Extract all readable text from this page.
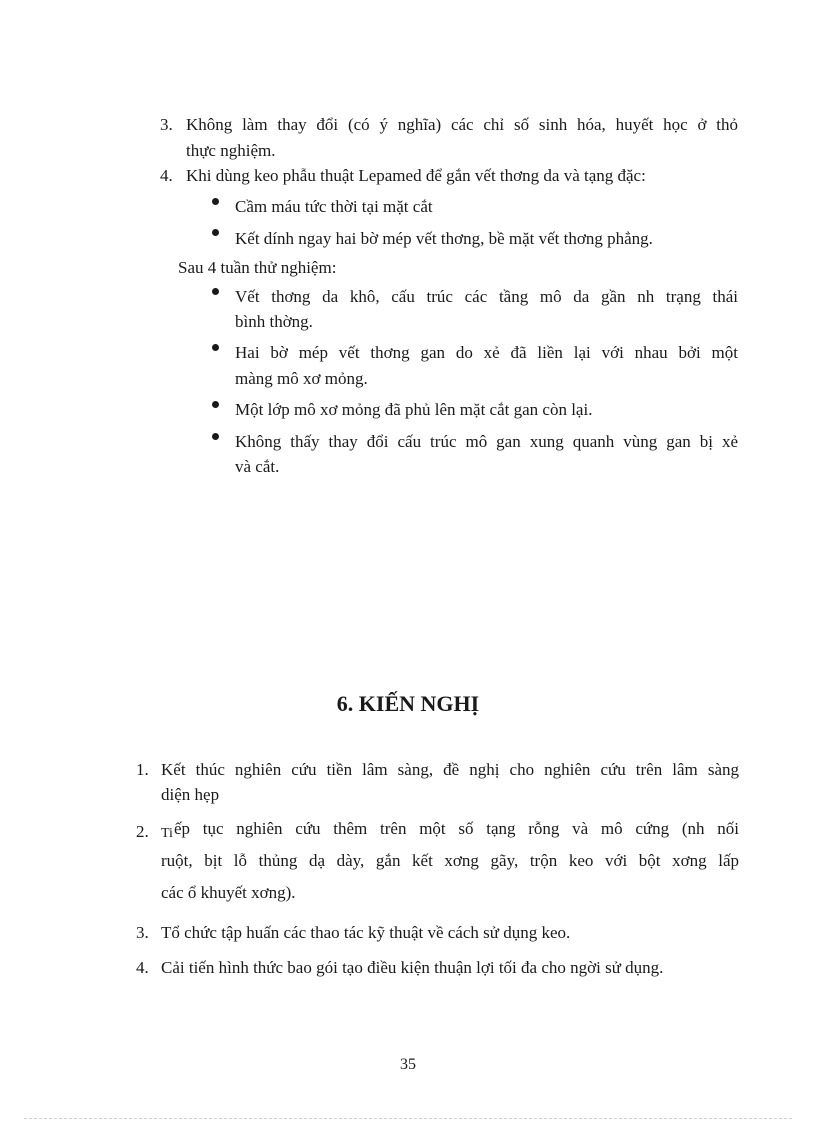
3. Không làm thay đổi (có ý nghĩa) các chỉ số sinh hóa, huyết học ở thỏ
thực nghiệm.
4. Khi dùng keo phẫu thuật Lepamed để gắn vết thơng da và tạng đặc:
Cầm máu tức thời tại mặt cắt
Kết dính ngay hai bờ mép vết thơng, bề mặt vết thơng phẳng.
Sau 4 tuần thử nghiệm:
Vết thơng da khô, cấu trúc các tầng mô da gần nh trạng thái
bình thờng.
Hai bờ mép vết thơng gan do xẻ đã liền lại với nhau bởi một
màng mô xơ mỏng.
Một lớp mô xơ mỏng đã phủ lên mặt cắt gan còn lại.
Không thấy thay đổi cấu trúc mô gan xung quanh vùng gan bị xẻ
và cắt.
6. KIẾN NGHỊ
1. Kết thúc nghiên cứu tiền lâm sàng, đề nghị cho nghiên cứu trên lâm sàng
diện hẹp
2. Ti ếp tục nghiên cứu thêm trên một số tạng rỗng và mô cứng (nh nối
ruột, bịt lỗ thủng dạ dày, gắn kết xơng gãy, trộn keo với bột xơng lấp
các ổ khuyết xơng).
3. Tổ chức tập huấn các thao tác kỹ thuật về cách sử dụng keo.
4. Cải tiến hình thức bao gói tạo điều kiện thuận lợi tối đa cho ngời sử dụng.
35
